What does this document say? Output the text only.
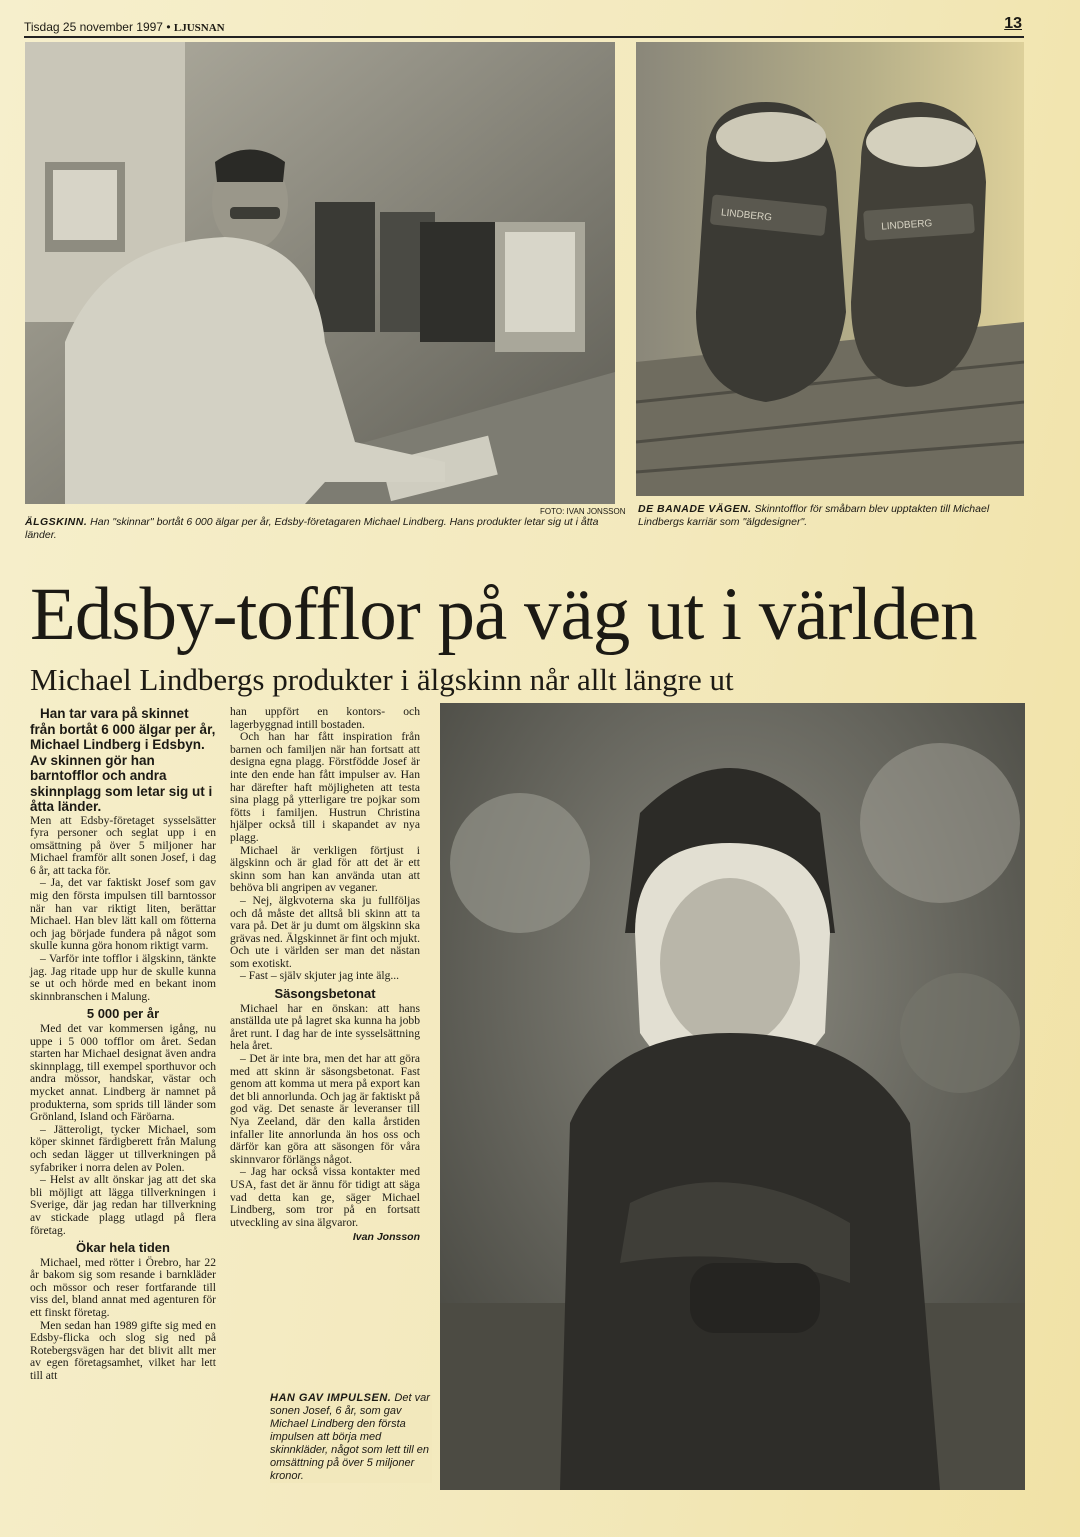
Tisdag 25 november 1997 • LJUSNAN	13
FOTO: IVAN JONSSON
ÄLGSKINN. Han "skinnar" bortåt 6 000 älgar per år, Edsby-företagaren Michael Lindberg. Hans produkter letar sig ut i åtta länder.
LINDBERG
LINDBERG
DE BANADE VÄGEN. Skinntofflor för småbarn blev upptakten till Michael Lindbergs karriär som "älgdesigner".
Edsby-tofflor på väg ut i världen
Michael Lindbergs produkter i älgskinn når allt längre ut

Han tar vara på skinnet från bortåt 6 000 älgar per år, Michael Lindberg i Edsbyn. Av skinnen gör han barntofflor och andra skinnplagg som letar sig ut i åtta länder.

Men att Edsby-företaget sysselsätter fyra personer och seglat upp i en omsättning på över 5 miljoner har Michael framför allt sonen Josef, i dag 6 år, att tacka för.

– Ja, det var faktiskt Josef som gav mig den första impulsen till barntossor när han var riktigt liten, berättar Michael. Han blev lätt kall om fötterna och jag började fundera på något som skulle kunna göra honom riktigt varm.

– Varför inte tofflor i älgskinn, tänkte jag. Jag ritade upp hur de skulle kunna se ut och hörde med en bekant inom skinnbranschen i Malung.

5 000 per år

Med det var kommersen igång, nu uppe i 5 000 tofflor om året. Sedan starten har Michael designat även andra skinnplagg, till exempel sporthuvor och andra mössor, handskar, västar och mycket annat. Lindberg är namnet på produkterna, som sprids till länder som Grönland, Island och Färöarna.

– Jätteroligt, tycker Michael, som köper skinnet färdigberett från Malung och sedan lägger ut tillverkningen på syfabriker i norra delen av Polen.

– Helst av allt önskar jag att det ska bli möjligt att lägga tillverkningen i Sverige, där jag redan har tillverkning av stickade plagg utlagd på flera företag.

Ökar hela tiden

Michael, med rötter i Örebro, har 22 år bakom sig som resande i barnkläder och mössor och reser fortfarande till viss del, bland annat med agenturen för ett finskt företag.

Men sedan han 1989 gifte sig med en Edsby-flicka och slog sig ned på Rotebergsvägen har det blivit allt mer av egen företagsamhet, vilket har lett till att

han uppfört en kontors- och lagerbyggnad intill bostaden.

Och han har fått inspiration från barnen och familjen när han fortsatt att designa egna plagg. Förstfödde Josef är inte den ende han fått impulser av. Han har därefter haft möjligheten att testa sina plagg på ytterligare tre pojkar som fötts i familjen. Hustrun Christina hjälper också till i skapandet av nya plagg.

Michael är verkligen förtjust i älgskinn och är glad för att det är ett skinn som han kan använda utan att behöva bli angripen av veganer.

– Nej, älgkvoterna ska ju fullföljas och då måste det alltså bli skinn att ta vara på. Det är ju dumt om älgskinn ska grävas ned. Älgskinnet är fint och mjukt. Och ute i världen ser man det nästan som exotiskt.

– Fast – själv skjuter jag inte älg...

Säsongsbetonat

Michael har en önskan: att hans anställda ute på lagret ska kunna ha jobb året runt. I dag har de inte sysselsättning hela året.

– Det är inte bra, men det har att göra med att skinn är säsongsbetonat. Fast genom att komma ut mera på export kan det bli annorlunda. Och jag är faktiskt på god väg. Det senaste är leveranser till Nya Zeeland, där den kalla årstiden infaller lite annorlunda än hos oss och därför kan göra att säsongen för våra skinnvaror förlängs något.

– Jag har också vissa kontakter med USA, fast det är ännu för tidigt att säga vad detta kan ge, säger Michael Lindberg, som tror på en fortsatt utveckling av sina älgvaror.

Ivan Jonsson
HAN GAV IMPULSEN. Det var sonen Josef, 6 år, som gav Michael Lindberg den första impulsen att börja med skinnkläder, något som lett till en omsättning på över 5 miljoner kronor.
